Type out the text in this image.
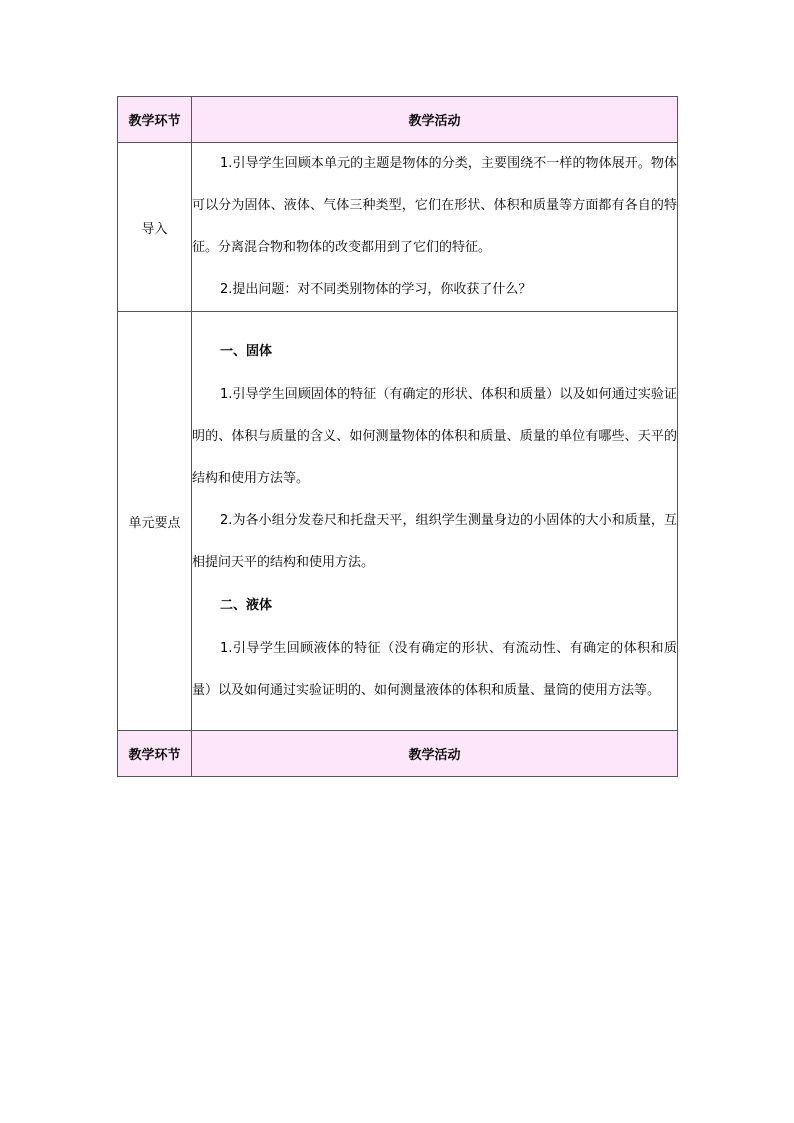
教学环节	教学活动
导入	1.引导学生回顾本单元的主题是物体的分类，主要围绕不一样的物体展开。物体可以分为固体、液体、气体三种类型，它们在形状、体积和质量等方面都有各自的特征。分离混合物和物体的改变都用到了它们的特征。

2.提出问题：对不同类别物体的学习，你收获了什么？

单元要点	一、固体

1.引导学生回顾固体的特征（有确定的形状、体积和质量）以及如何通过实验证明的、体积与质量的含义、如何测量物体的体积和质量、质量的单位有哪些、天平的结构和使用方法等。

2.为各小组分发卷尺和托盘天平，组织学生测量身边的小固体的大小和质量，互相提问天平的结构和使用方法。

二、液体

1.引导学生回顾液体的特征（没有确定的形状、有流动性、有确定的体积和质量）以及如何通过实验证明的、如何测量液体的体积和质量、量筒的使用方法等。

教学环节	教学活动
